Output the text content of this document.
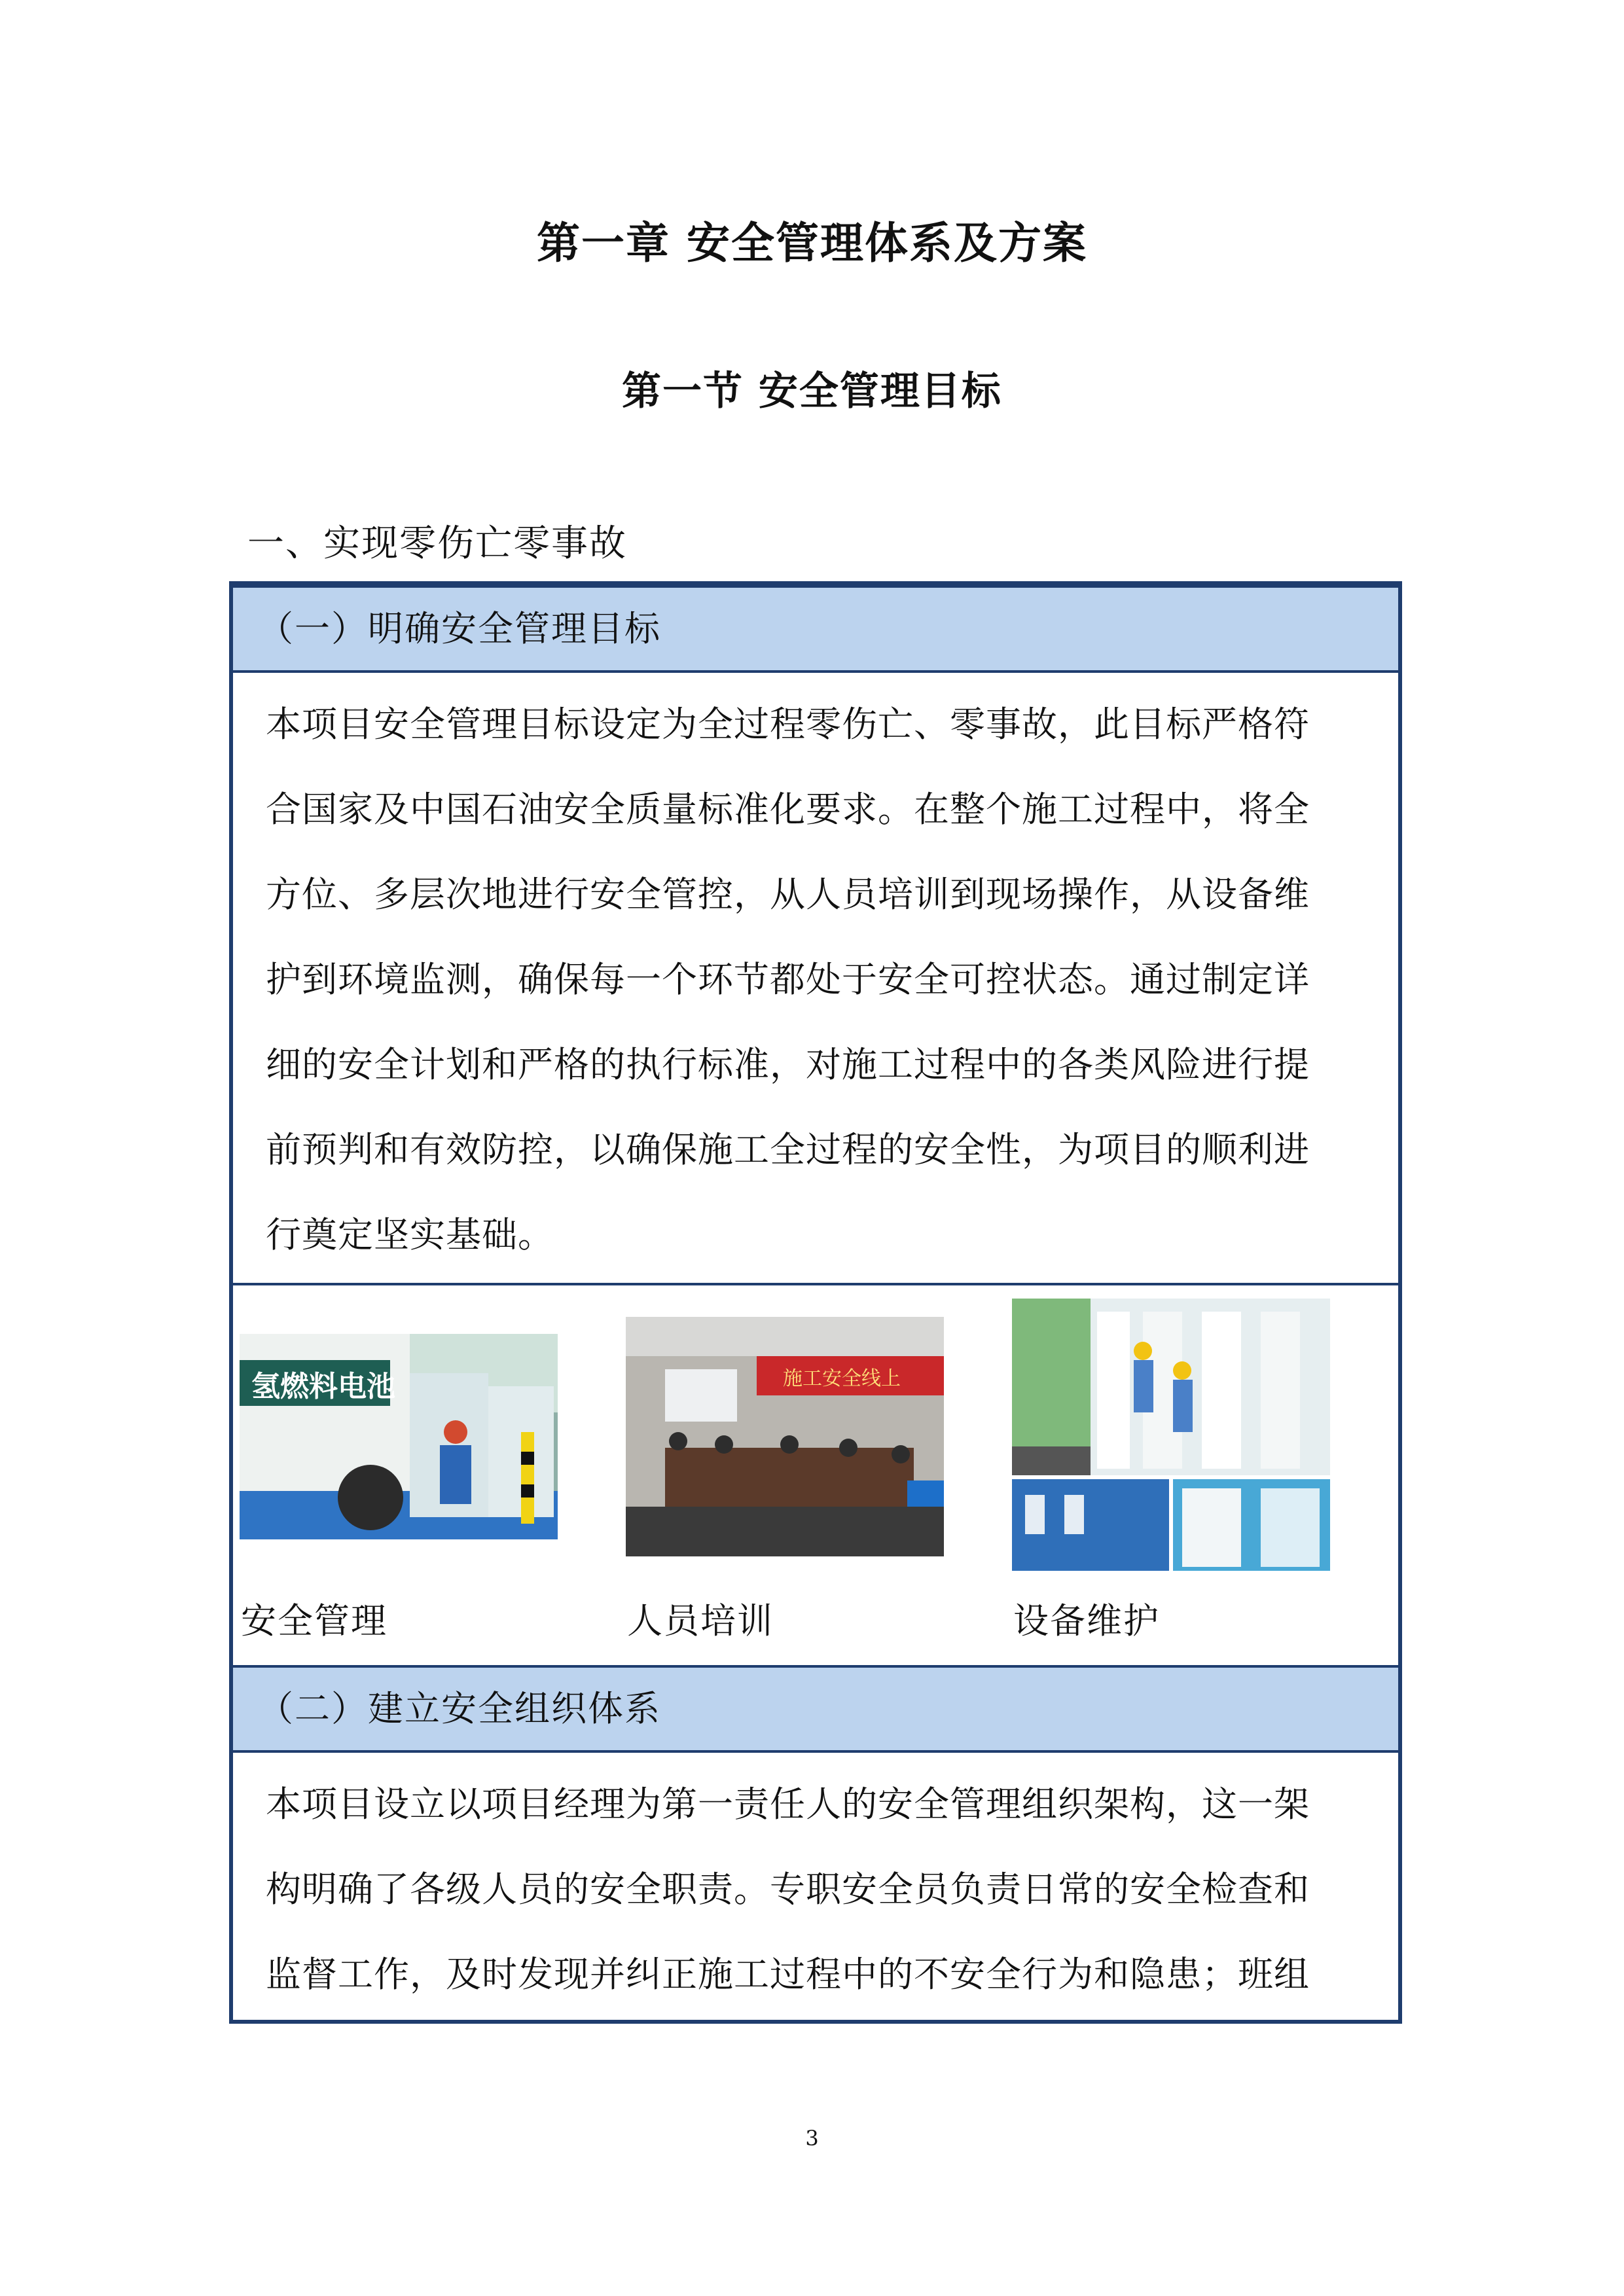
第一章 安全管理体系及方案
第一节 安全管理目标
一、实现零伤亡零事故
（一）明确安全管理目标
本项目安全管理目标设定为全过程零伤亡、零事故，此目标严格符
合国家及中国石油安全质量标准化要求。在整个施工过程中，将全
方位、多层次地进行安全管控，从人员培训到现场操作，从设备维
护到环境监测，确保每一个环节都处于安全可控状态。通过制定详
细的安全计划和严格的执行标准，对施工过程中的各类风险进行提
前预判和有效防控，以确保施工全过程的安全性，为项目的顺利进
行奠定坚实基础。
氢燃料电池	施工安全线上
安全管理	人员培训	设备维护
（二）建立安全组织体系
本项目设立以项目经理为第一责任人的安全管理组织架构，这一架
构明确了各级人员的安全职责。专职安全员负责日常的安全检查和
监督工作，及时发现并纠正施工过程中的不安全行为和隐患；班组
3
